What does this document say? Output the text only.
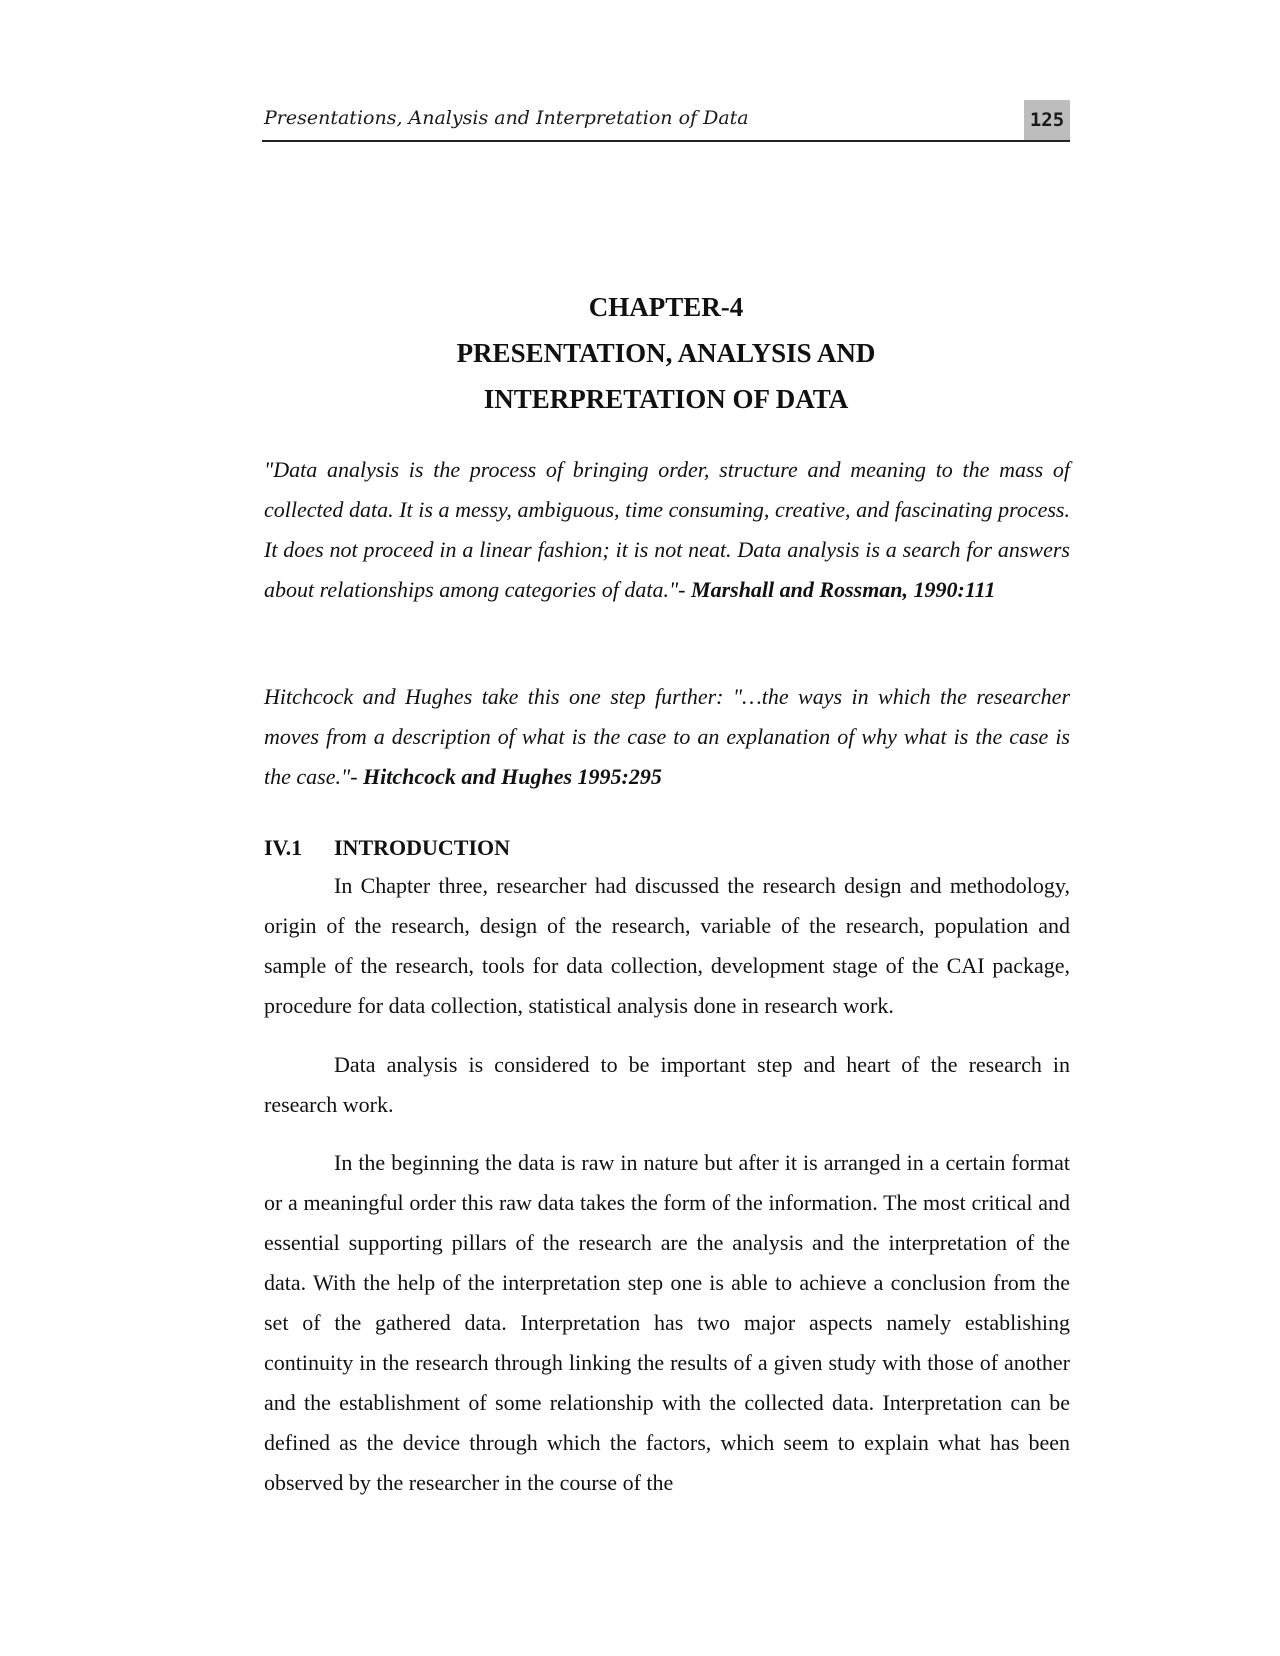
Presentations, Analysis and Interpretation of Data	125
CHAPTER-4
PRESENTATION, ANALYSIS AND
INTERPRETATION OF DATA
"Data analysis is the process of bringing order, structure and meaning to the mass of collected data. It is a messy, ambiguous, time consuming, creative, and fascinating process. It does not proceed in a linear fashion; it is not neat. Data analysis is a search for answers about relationships among categories of data."- Marshall and Rossman, 1990:111
Hitchcock and Hughes take this one step further: "…the ways in which the researcher moves from a description of what is the case to an explanation of why what is the case is the case."- Hitchcock and Hughes 1995:295
IV.1 INTRODUCTION
In Chapter three, researcher had discussed the research design and methodology, origin of the research, design of the research, variable of the research, population and sample of the research, tools for data collection, development stage of the CAI package, procedure for data collection, statistical analysis done in research work.
Data analysis is considered to be important step and heart of the research in research work.
In the beginning the data is raw in nature but after it is arranged in a certain format or a meaningful order this raw data takes the form of the information. The most critical and essential supporting pillars of the research are the analysis and the interpretation of the data. With the help of the interpretation step one is able to achieve a conclusion from the set of the gathered data. Interpretation has two major aspects namely establishing continuity in the research through linking the results of a given study with those of another and the establishment of some relationship with the collected data. Interpretation can be defined as the device through which the factors, which seem to explain what has been observed by the researcher in the course of the
